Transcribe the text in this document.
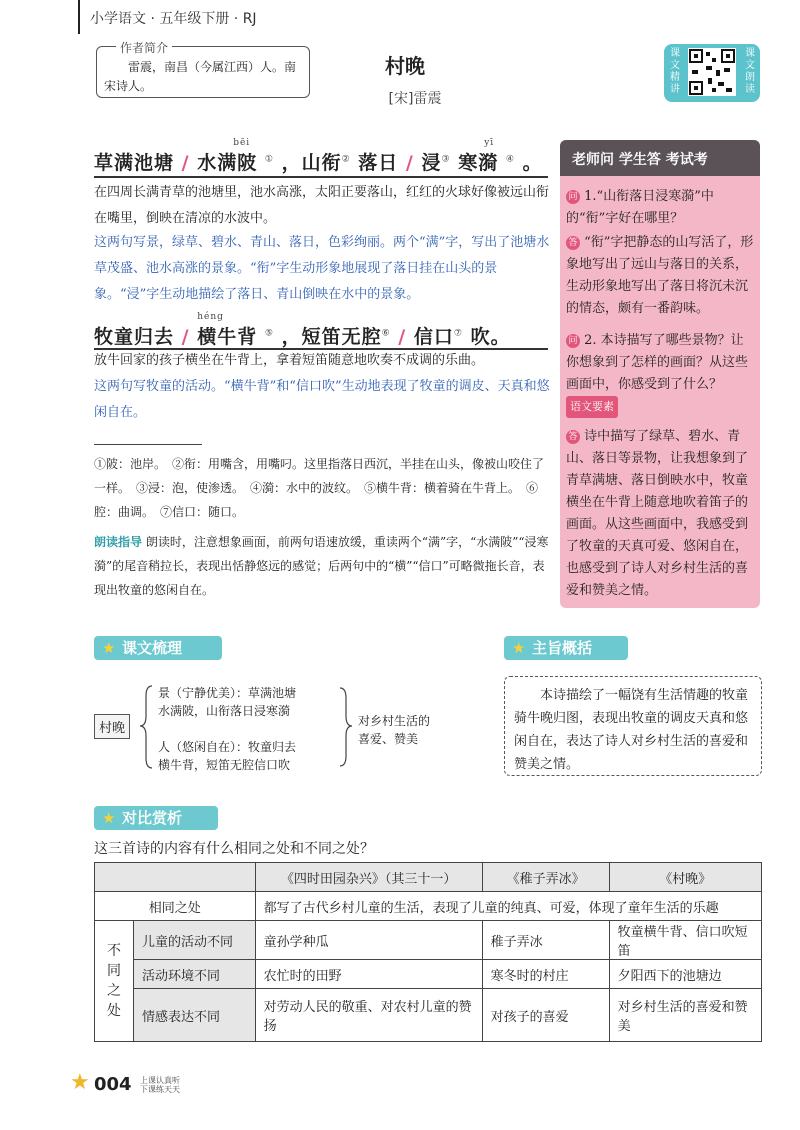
小学语文 · 五年级下册 · RJ
作者简介
雷震，南昌（今属江西）人。南宋诗人。
村晚
[宋]雷震
课文精讲
课文朗读
草满池塘 / 水满陂
bēi
① ，山衔② 落日 / 浸③ 寒漪
yī
④ 。
在四周长满青草的池塘里，池水高涨，太阳正要落山，红红的火球好像被远山衔在嘴里，倒映在清凉的水波中。
这两句写景，绿草、碧水、青山、落日，色彩绚丽。两个“满”字，写出了池塘水草茂盛、池水高涨的景象。“衔”字生动形象地展现了落日挂在山头的景象。“浸”字生动地描绘了落日、青山倒映在水中的景象。
牧童归去 / 横牛背
héng
⑤ ，短笛无腔⑥ / 信口⑦ 吹。
放牛回家的孩子横坐在牛背上，拿着短笛随意地吹奏不成调的乐曲。
这两句写牧童的活动。“横牛背”和“信口吹”生动地表现了牧童的调皮、天真和悠闲自在。
老师问 学生答 考试考
问 1.“山衔落日浸寒漪”中的“衔”字好在哪里？
答 “衔”字把静态的山写活了，形象地写出了远山与落日的关系，生动形象地写出了落日将沉未沉的情态，颇有一番韵味。
问 2. 本诗描写了哪些景物？让你想象到了怎样的画面？从这些画面中，你感受到了什么？ 语文要素
答 诗中描写了绿草、碧水、青山、落日等景物，让我想象到了青草满塘、落日倒映水中，牧童横坐在牛背上随意地吹着笛子的画面。从这些画面中，我感受到了牧童的天真可爱、悠闲自在，也感受到了诗人对乡村生活的喜爱和赞美之情。
①陂：池岸。　②衔：用嘴含，用嘴叼。这里指落日西沉，半挂在山头，像被山咬住了一样。　③浸：泡，使渗透。　④漪：水中的波纹。　⑤横牛背：横着骑在牛背上。　⑥腔：曲调。　⑦信口：随口。
朗读指导 朗读时，注意想象画面，前两句语速放缓，重读两个“满”字，“水满陂”“浸寒漪”的尾音稍拉长，表现出恬静悠远的感觉；后两句中的“横”“信口”可略微拖长音，表现出牧童的悠闲自在。
★ 课文梳理	★ 主旨概括
村晚
景（宁静优美）：草满池塘
水满陂，山衔落日浸寒漪
人（悠闲自在）：牧童归去
横牛背，短笛无腔信口吹
对乡村生活的
喜爱、赞美
本诗描绘了一幅饶有生活情趣的牧童骑牛晚归图，表现出牧童的调皮天真和悠闲自在，表达了诗人对乡村生活的喜爱和赞美之情。
★ 对比赏析
这三首诗的内容有什么相同之处和不同之处？
		《四时田园杂兴》（其三十一）	《稚子弄冰》	《村晚》
相同之处		都写了古代乡村儿童的生活，表现了儿童的纯真、可爱，体现了童年生活的乐趣		
不同之处	儿童的活动不同	童孙学种瓜	稚子弄冰	牧童横牛背、信口吹短笛
	活动环境不同	农忙时的田野	寒冬时的村庄	夕阳西下的池塘边
	情感表达不同	对劳动人民的敬重、对农村儿童的赞扬	对孩子的喜爱	对乡村生活的喜爱和赞美
★ 004 上课认真听
下课练天天
